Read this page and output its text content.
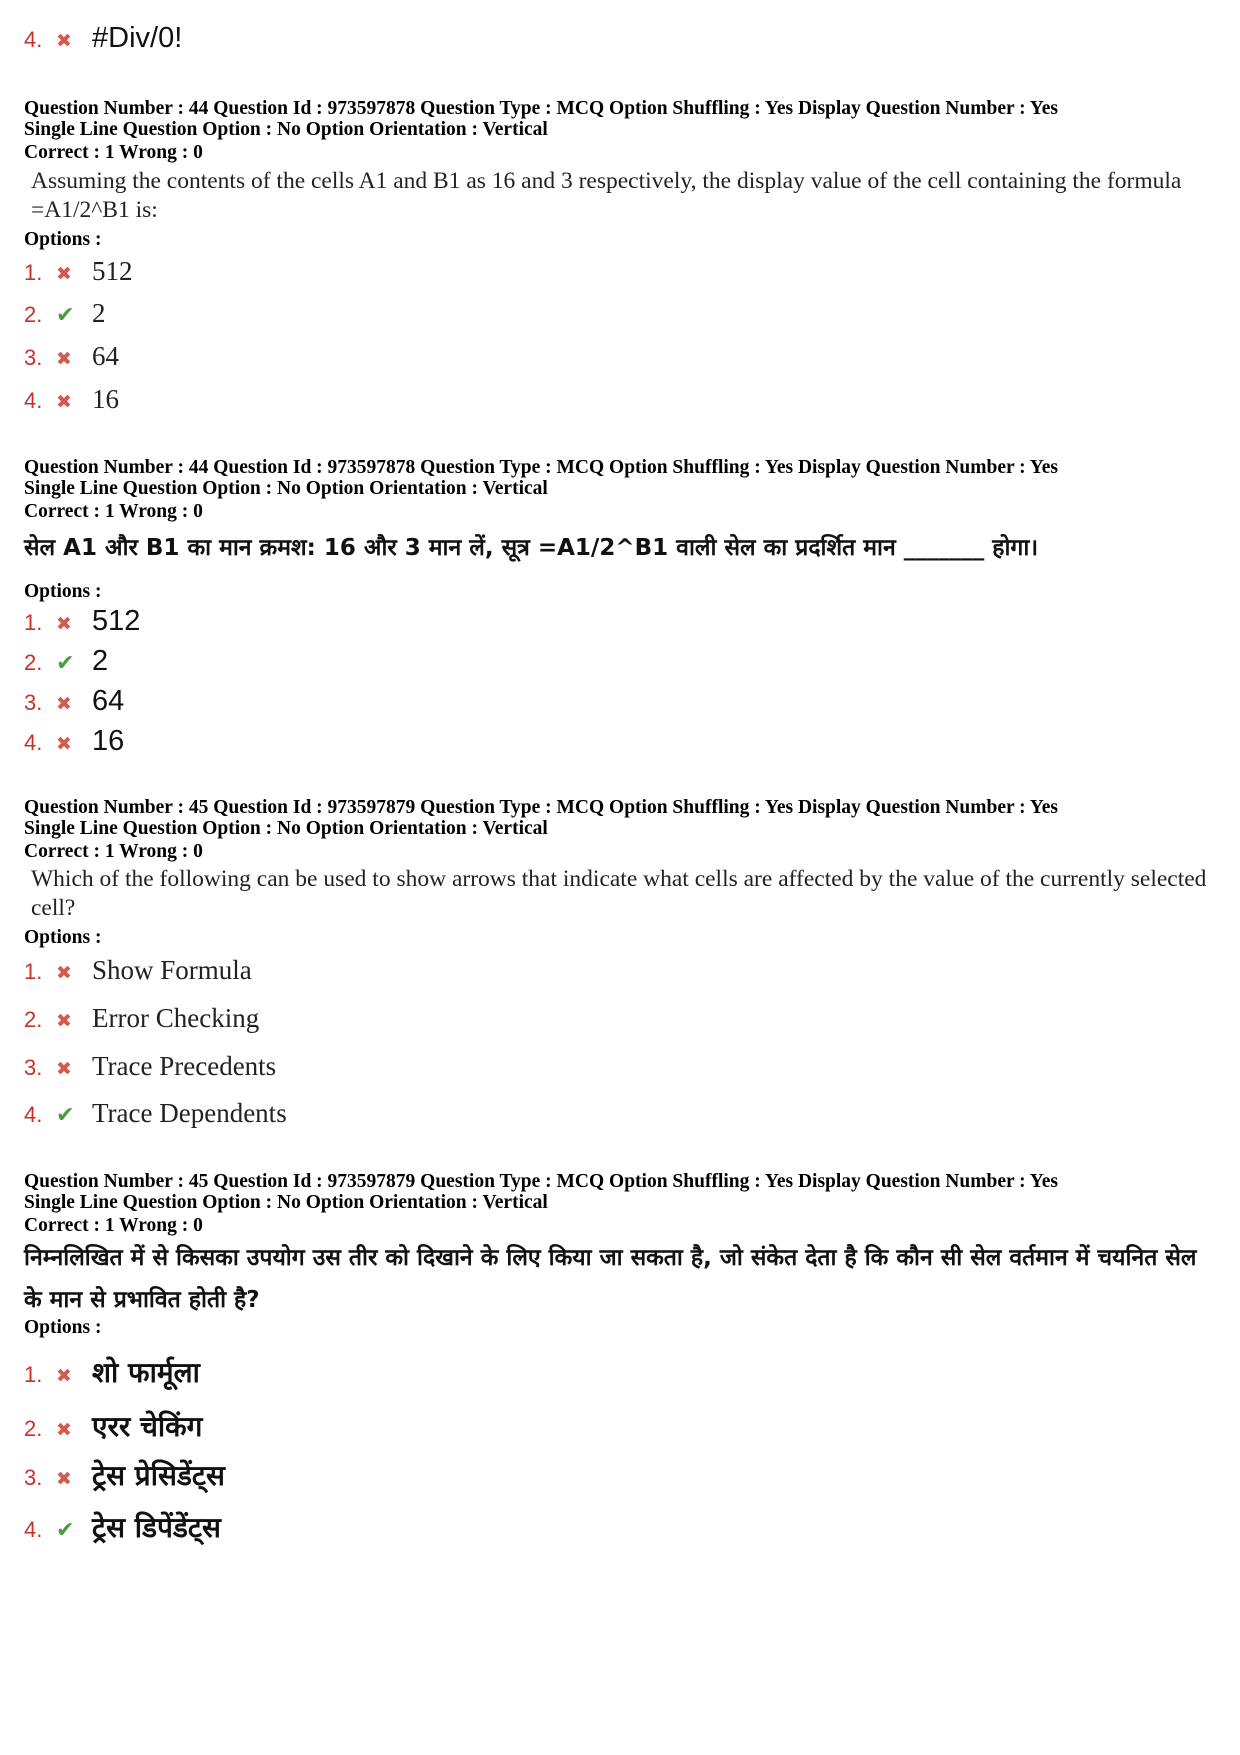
4. ✖ #Div/0!
Question Number : 44 Question Id : 973597878 Question Type : MCQ Option Shuffling : Yes Display Question Number : Yes
Single Line Question Option : No Option Orientation : Vertical
Correct : 1 Wrong : 0
Assuming the contents of the cells A1 and B1 as 16 and 3 respectively, the display value of the cell containing the formula =A1/2^B1 is:
Options :
1. ✖ 512
2. ✔ 2
3. ✖ 64
4. ✖ 16
Question Number : 44 Question Id : 973597878 Question Type : MCQ Option Shuffling : Yes Display Question Number : Yes
Single Line Question Option : No Option Orientation : Vertical
Correct : 1 Wrong : 0
सेल A1 और B1 का मान क्रमश: 16 और 3 मान लें, सूत्र =A1/2^B1 वाली सेल का प्रदर्शित मान _______ होगा।
Options :
1. ✖ 512
2. ✔ 2
3. ✖ 64
4. ✖ 16
Question Number : 45 Question Id : 973597879 Question Type : MCQ Option Shuffling : Yes Display Question Number : Yes
Single Line Question Option : No Option Orientation : Vertical
Correct : 1 Wrong : 0
Which of the following can be used to show arrows that indicate what cells are affected by the value of the currently selected cell?
Options :
1. ✖ Show Formula
2. ✖ Error Checking
3. ✖ Trace Precedents
4. ✔ Trace Dependents
Question Number : 45 Question Id : 973597879 Question Type : MCQ Option Shuffling : Yes Display Question Number : Yes
Single Line Question Option : No Option Orientation : Vertical
Correct : 1 Wrong : 0
निम्नलिखित में से किसका उपयोग उस तीर को दिखाने के लिए किया जा सकता है, जो संकेत देता है कि कौन सी सेल वर्तमान में चयनित सेल के मान से प्रभावित होती है?
Options :
1. ✖ शो फार्मूला
2. ✖ एरर चेकिंग
3. ✖ ट्रेस प्रेसिडेंट्स
4. ✔ ट्रेस डिपेंडेंट्स
